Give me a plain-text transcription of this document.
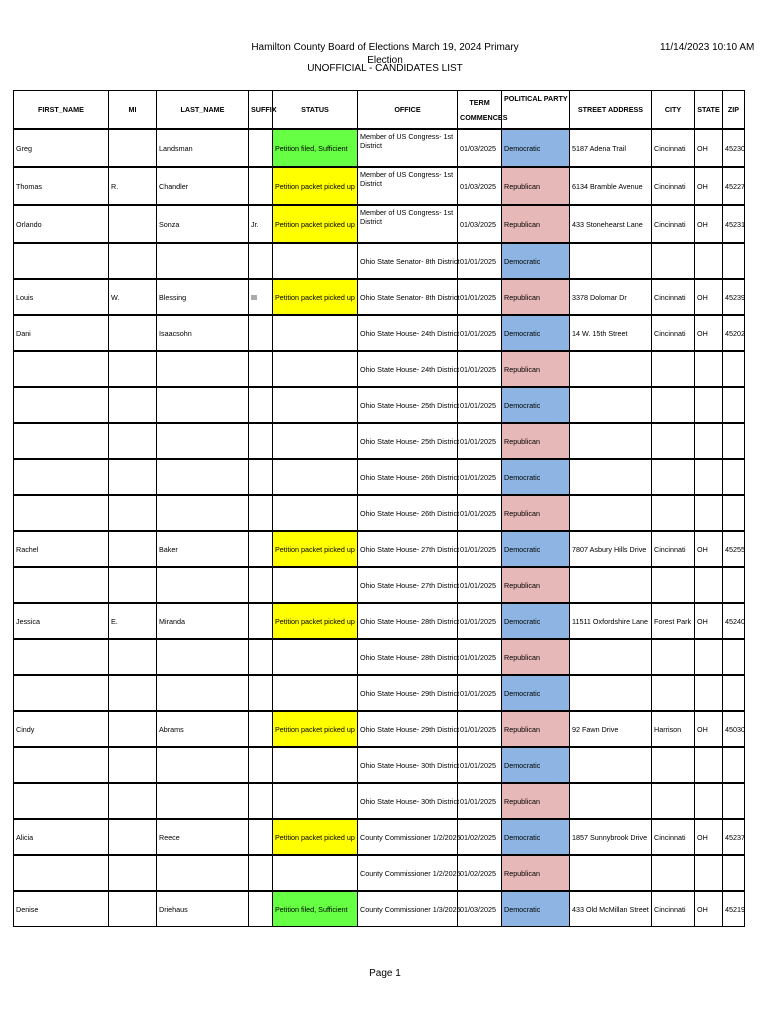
Hamilton County Board of Elections March 19, 2024 Primary Election
UNOFFICIAL - CANDIDATES LIST
11/14/2023 10:10 AM
FIRST_NAME	MI	LAST_NAME	SUFFIX	STATUS	OFFICE	TERM COMMENCES	POLITICAL PARTY	STREET ADDRESS	CITY	STATE	ZIP
Greg		Landsman		Petition filed, Sufficient	Member of US Congress- 1st District	01/03/2025	Democratic	5187 Adena Trail	Cincinnati	OH	45230
Thomas	R.	Chandler		Petition packet picked up	Member of US Congress- 1st District	01/03/2025	Republican	6134 Bramble Avenue	Cincinnati	OH	45227
Orlando		Sonza	Jr.	Petition packet picked up	Member of US Congress- 1st District	01/03/2025	Republican	433 Stonehearst Lane	Cincinnati	OH	45231
					Ohio State Senator- 8th District	01/01/2025	Democratic				
Louis	W.	Blessing	III	Petition packet picked up	Ohio State Senator- 8th District	01/01/2025	Republican	3378 Dolomar Dr	Cincinnati	OH	45239
Dani		Isaacsohn			Ohio State House- 24th District	01/01/2025	Democratic	14 W. 15th Street	Cincinnati	OH	45202
					Ohio State House- 24th District	01/01/2025	Republican				
					Ohio State House- 25th District	01/01/2025	Democratic				
					Ohio State House- 25th District	01/01/2025	Republican				
					Ohio State House- 26th District	01/01/2025	Democratic				
					Ohio State House- 26th District	01/01/2025	Republican				
Rachel		Baker		Petition packet picked up	Ohio State House- 27th District	01/01/2025	Democratic	7807 Asbury Hills Drive	Cincinnati	OH	45255
					Ohio State House- 27th District	01/01/2025	Republican				
Jessica	E.	Miranda		Petition packet picked up	Ohio State House- 28th District	01/01/2025	Democratic	11511 Oxfordshire Lane	Forest Park	OH	45240
					Ohio State House- 28th District	01/01/2025	Republican				
					Ohio State House- 29th District	01/01/2025	Democratic				
Cindy		Abrams		Petition packet picked up	Ohio State House- 29th District	01/01/2025	Republican	92 Fawn Drive	Harrison	OH	45030
					Ohio State House- 30th District	01/01/2025	Democratic				
					Ohio State House- 30th District	01/01/2025	Republican				
Alicia		Reece		Petition packet picked up	County Commissioner 1/2/2025	01/02/2025	Democratic	1857 Sunnybrook Drive	Cincinnati	OH	45237
					County Commissioner 1/2/2025	01/02/2025	Republican				
Denise		Driehaus		Petition filed, Sufficient	County Commissioner 1/3/2025	01/03/2025	Democratic	433 Old McMillan Street	Cincinnati	OH	45219
Page 1
